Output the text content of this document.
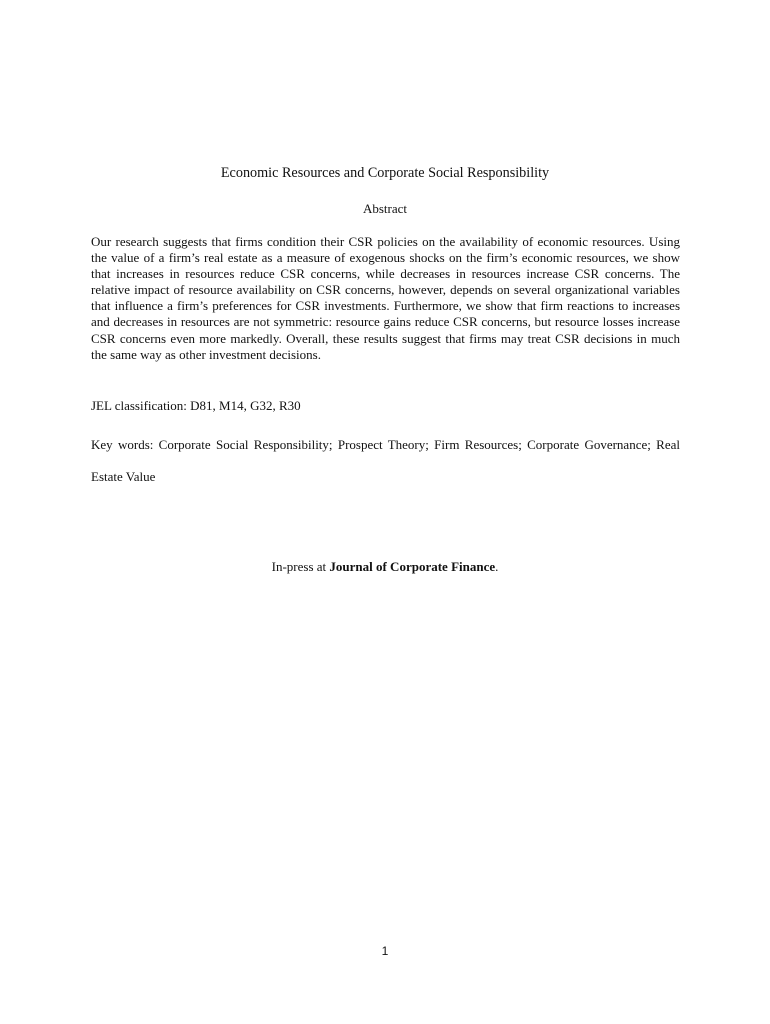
Economic Resources and Corporate Social Responsibility
Abstract

Our research suggests that firms condition their CSR policies on the availability of economic resources. Using the value of a firm’s real estate as a measure of exogenous shocks on the firm’s economic resources, we show that increases in resources reduce CSR concerns, while decreases in resources increase CSR concerns. The relative impact of resource availability on CSR concerns, however, depends on several organizational variables that influence a firm’s preferences for CSR investments. Furthermore, we show that firm reactions to increases and decreases in resources are not symmetric: resource gains reduce CSR concerns, but resource losses increase CSR concerns even more markedly. Overall, these results suggest that firms may treat CSR decisions in much the same way as other investment decisions.

JEL classification: D81, M14, G32, R30

Key words: Corporate Social Responsibility; Prospect Theory; Firm Resources; Corporate Governance; Real Estate Value

In-press at Journal of Corporate Finance.
1
